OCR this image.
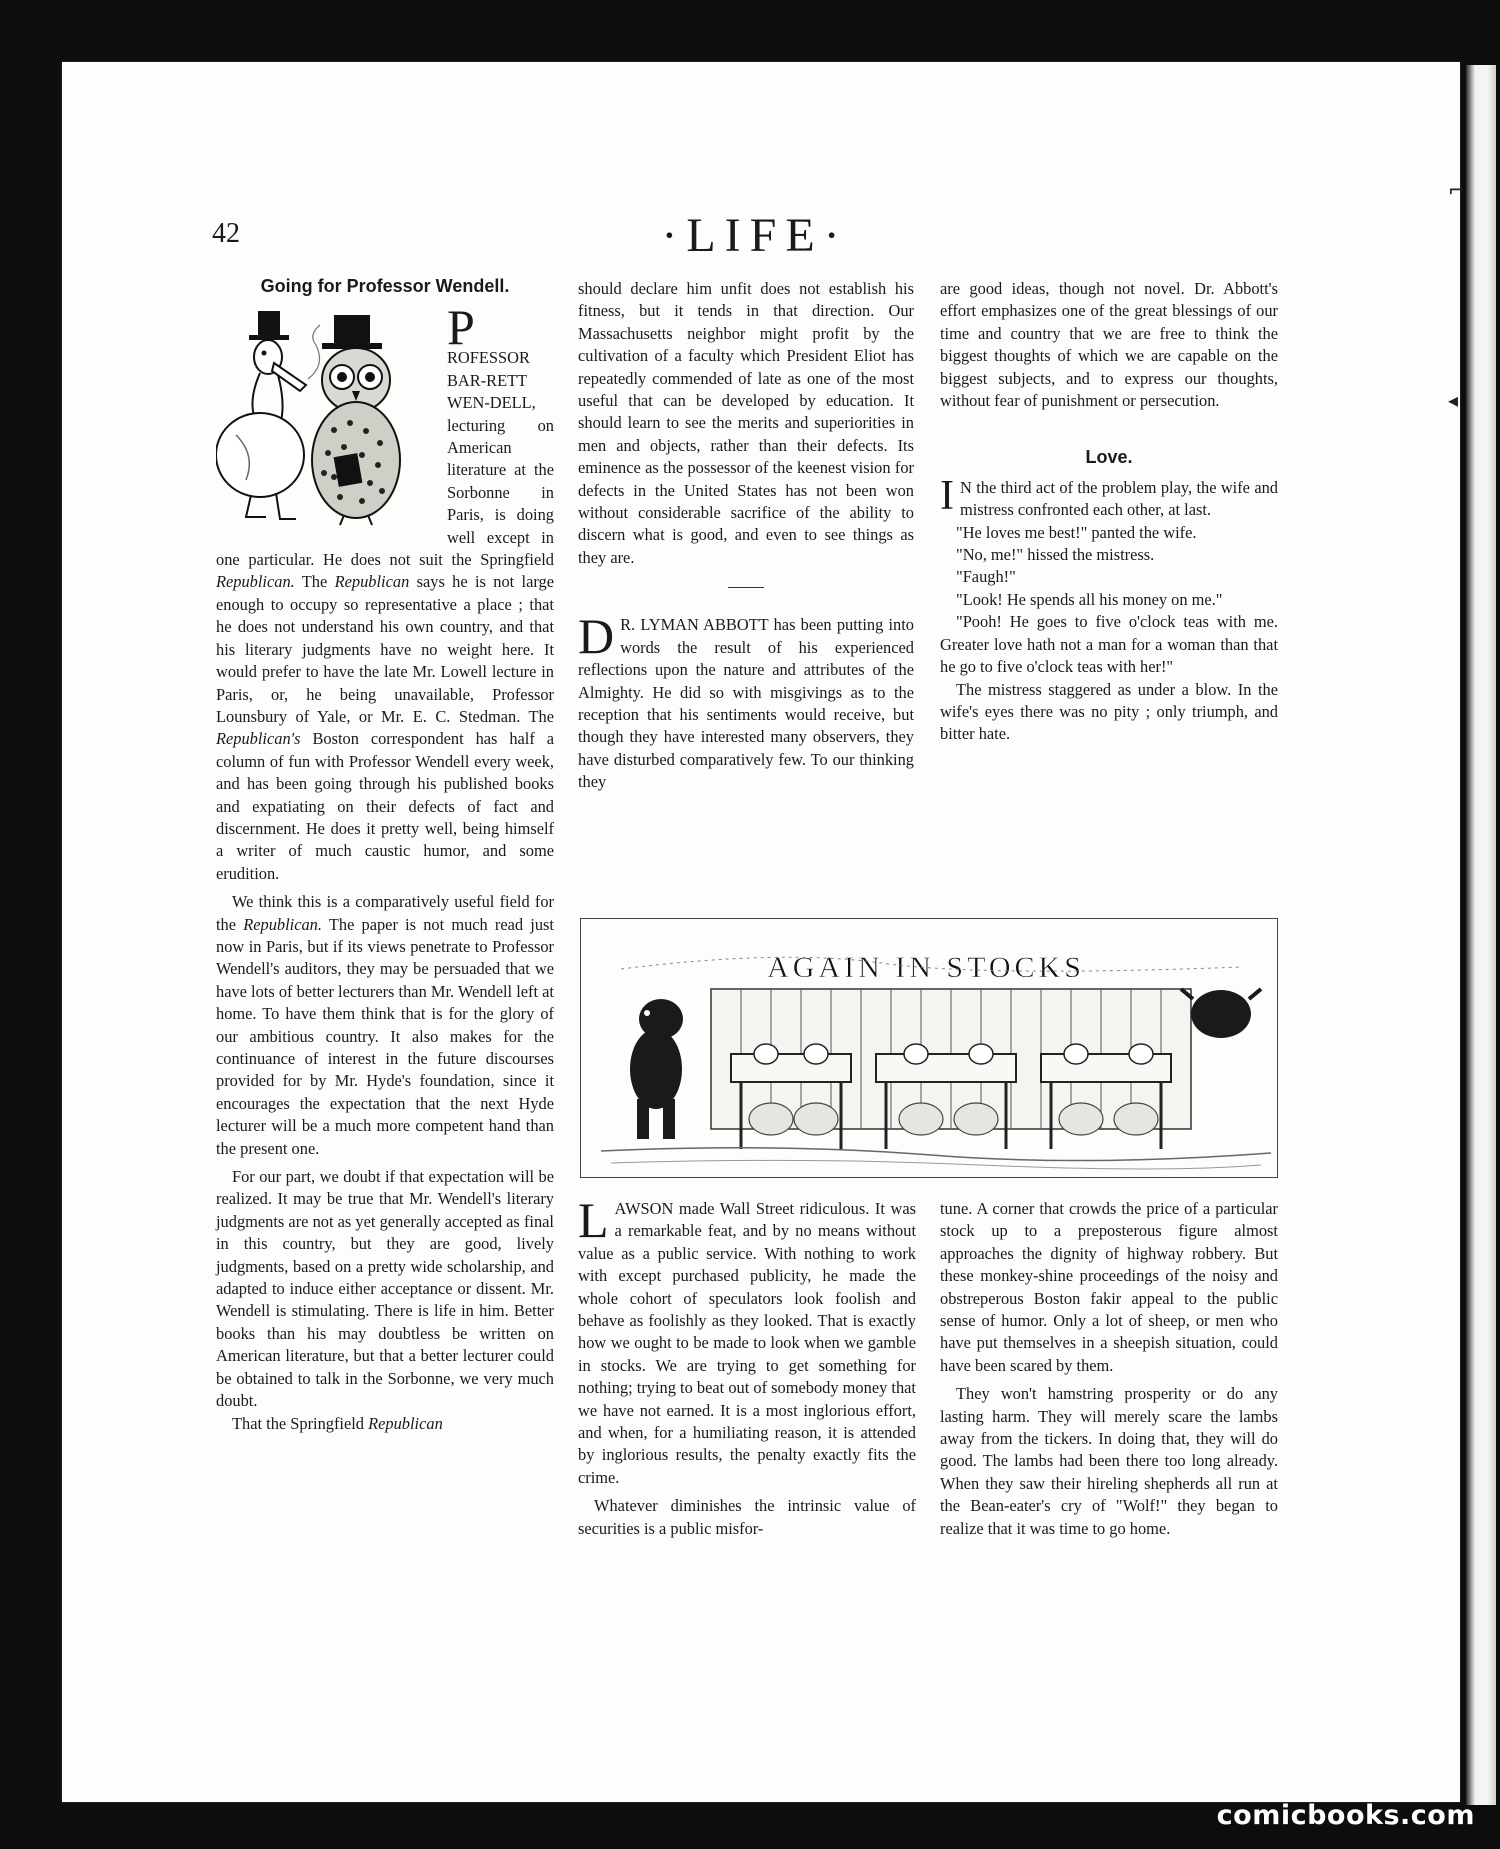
⌐
◂
42	·LIFE·
Going for Professor Wendell.

P
ROFESSOR BAR-RETT WEN-DELL, lecturing on American literature at the Sorbonne in Paris, is doing well except in one particular. He does not suit the Springfield Republican. The Republican says he is not large enough to occupy so representative a place ; that he does not understand his own country, and that his literary judgments have no weight here. It would prefer to have the late Mr. Lowell lecture in Paris, or, he being unavailable, Professor Lounsbury of Yale, or Mr. E. C. Stedman. The Republican's Boston correspondent has half a column of fun with Professor Wendell every week, and has been going through his published books and expatiating on their defects of fact and discernment. He does it pretty well, being himself a writer of much caustic humor, and some erudition.

We think this is a comparatively useful field for the Republican. The paper is not much read just now in Paris, but if its views penetrate to Professor Wendell's auditors, they may be persuaded that we have lots of better lecturers than Mr. Wendell left at home. To have them think that is for the glory of our ambitious country. It also makes for the continuance of interest in the future discourses provided for by Mr. Hyde's foundation, since it encourages the expectation that the next Hyde lecturer will be a much more competent hand than the present one.

For our part, we doubt if that expectation will be realized. It may be true that Mr. Wendell's literary judgments are not as yet generally accepted as final in this country, but they are good, lively judgments, based on a pretty wide scholarship, and adapted to induce either acceptance or dissent. Mr. Wendell is stimulating. There is life in him. Better books than his may doubtless be written on American literature, but that a better lecturer could be obtained to talk in the Sorbonne, we very much doubt.

That the Springfield Republican

should declare him unfit does not establish his fitness, but it tends in that direction. Our Massachusetts neighbor might profit by the cultivation of a faculty which President Eliot has repeatedly commended of late as one of the most useful that can be developed by education. It should learn to see the merits and superiorities in men and objects, rather than their defects. Its eminence as the possessor of the keenest vision for defects in the United States has not been won without considerable sacrifice of the ability to discern what is good, and even to see things as they are.

D R. LYMAN ABBOTT has been putting into words the result of his experienced reflections upon the nature and attributes of the Almighty. He did so with misgivings as to the reception that his sentiments would receive, but though they have interested many observers, they have disturbed comparatively few. To our thinking they

are good ideas, though not novel. Dr. Abbott's effort emphasizes one of the great blessings of our time and country that we are free to think the biggest thoughts of which we are capable on the biggest subjects, and to express our thoughts, without fear of punishment or persecution.

Love.

I N the third act of the problem play, the wife and mistress confronted each other, at last.

"He loves me best!" panted the wife.

"No, me!" hissed the mistress.

"Faugh!"

"Look! He spends all his money on me."

"Pooh! He goes to five o'clock teas with me. Greater love hath not a man for a woman than that he go to five o'clock teas with her!"

The mistress staggered as under a blow. In the wife's eyes there was no pity ; only triumph, and bitter hate.

AGAIN IN STOCKS

LAWSON made Wall Street ridiculous. It was a remarkable feat, and by no means without value as a public service. With nothing to work with except purchased publicity, he made the whole cohort of speculators look foolish and behave as foolishly as they looked. That is exactly how we ought to be made to look when we gamble in stocks. We are trying to get something for nothing; trying to beat out of somebody money that we have not earned. It is a most inglorious effort, and when, for a humiliating reason, it is attended by inglorious results, the penalty exactly fits the crime.

Whatever diminishes the intrinsic value of securities is a public misfor-

tune. A corner that crowds the price of a particular stock up to a preposterous figure almost approaches the dignity of highway robbery. But these monkey-shine proceedings of the noisy and obstreperous Boston fakir appeal to the public sense of humor. Only a lot of sheep, or men who have put themselves in a sheepish situation, could have been scared by them.

They won't hamstring prosperity or do any lasting harm. They will merely scare the lambs away from the tickers. In doing that, they will do good. The lambs had been there too long already. When they saw their hireling shepherds all run at the Bean-eater's cry of "Wolf!" they began to realize that it was time to go home.

comicbooks.com
